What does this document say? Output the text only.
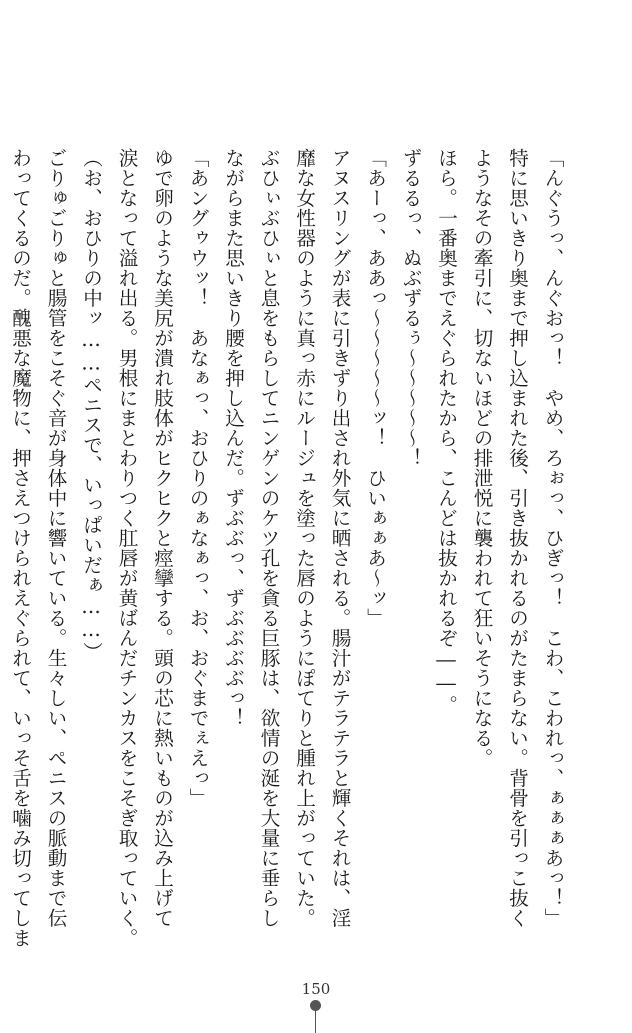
「んぐうっ、んぐおっ！　やめ、ろぉっ、ひぎっ！　こわ、こわれっ、ぁぁぁあっ！」
特に思いきり奥まで押し込まれた後、引き抜かれるのがたまらない。背骨を引っこ抜く
ようなその牽引に、切ないほどの排泄悦に襲われて狂いそうになる。
ほら。一番奥までえぐられたから、こんどは抜かれるぞ――。
ずるるっ、ぬぶずるぅ～～～～～！
「あーっ、ああっ～～～～～ッ！　ひいぁぁあ～ッ」
アヌスリングが表に引きずり出され外気に晒される。腸汁がテラテラと輝くそれは、淫
靡な女性器のように真っ赤にルージュを塗った唇のようにぽてりと腫れ上がっていた。
ぶひぃぶひぃと息をもらしてニンゲンのケツ孔を貪る巨豚は、欲情の涎を大量に垂らし
ながらまた思いきり腰を押し込んだ。ずぶぶっ、ずぶぶぶぶっ！
「あングゥウッ！　あなぁっ、おひりのぁなぁっ、お、おぐまでぇえっ」
ゆで卵のような美尻が潰れ肢体がヒクヒクと痙攣する。頭の芯に熱いものが込み上げて
涙となって溢れ出る。男根にまとわりつく肛唇が黄ばんだチンカスをこそぎ取っていく。
（お、おひりの中ッ……ペニスで、いっぱいだぁ……）
ごりゅごりゅと腸管をこそぐ音が身体中に響いている。生々しい、ペニスの脈動まで伝
わってくるのだ。醜悪な魔物に、押さえつけられえぐられて、いっそ舌を噛み切ってしま
150
